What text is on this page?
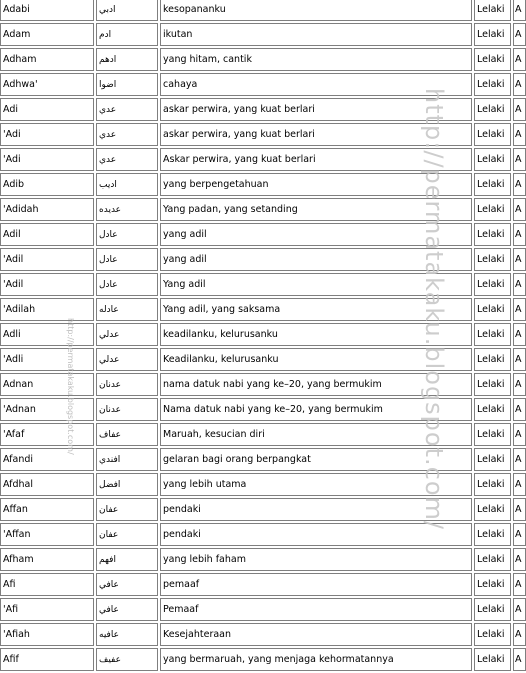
Adabi	ادبي	kesopananku	Lelaki	A
Adam	ادم	ikutan	Lelaki	A
Adham	ادهم	yang hitam, cantik	Lelaki	A
Adhwa'	اضوا	cahaya	Lelaki	A
Adi	عدي	askar perwira, yang kuat berlari	Lelaki	A
'Adi	عدي	askar perwira, yang kuat berlari	Lelaki	A
'Adi	عدي	Askar perwira, yang kuat berlari	Lelaki	A
Adib	اديب	yang berpengetahuan	Lelaki	A
'Adidah	عديده	Yang padan, yang setanding	Lelaki	A
Adil	عادل	yang adil	Lelaki	A
'Adil	عادل	yang adil	Lelaki	A
'Adil	عادل	Yang adil	Lelaki	A
'Adilah	عادله	Yang adil, yang saksama	Lelaki	A
Adli	عدلي	keadilanku, kelurusanku	Lelaki	A
'Adli	عدلي	Keadilanku, kelurusanku	Lelaki	A
Adnan	عدنان	nama datuk nabi yang ke–20, yang bermukim	Lelaki	A
'Adnan	عدنان	Nama datuk nabi yang ke–20, yang bermukim	Lelaki	A
'Afaf	عفاف	Maruah, kesucian diri	Lelaki	A
Afandi	افندي	gelaran bagi orang berpangkat	Lelaki	A
Afdhal	افضل	yang lebih utama	Lelaki	A
Affan	عفان	pendaki	Lelaki	A
'Affan	عفان	pendaki	Lelaki	A
Afham	افهم	yang lebih faham	Lelaki	A
Afi	عافي	pemaaf	Lelaki	A
'Afi	عافي	Pemaaf	Lelaki	A
'Afiah	عافيه	Kesejahteraan	Lelaki	A
Afif	عفيف	yang bermaruah, yang menjaga kehormatannya	Lelaki	A
http://permatakaku.blogspot.com/
http://permatakaku.blogspot.com/
